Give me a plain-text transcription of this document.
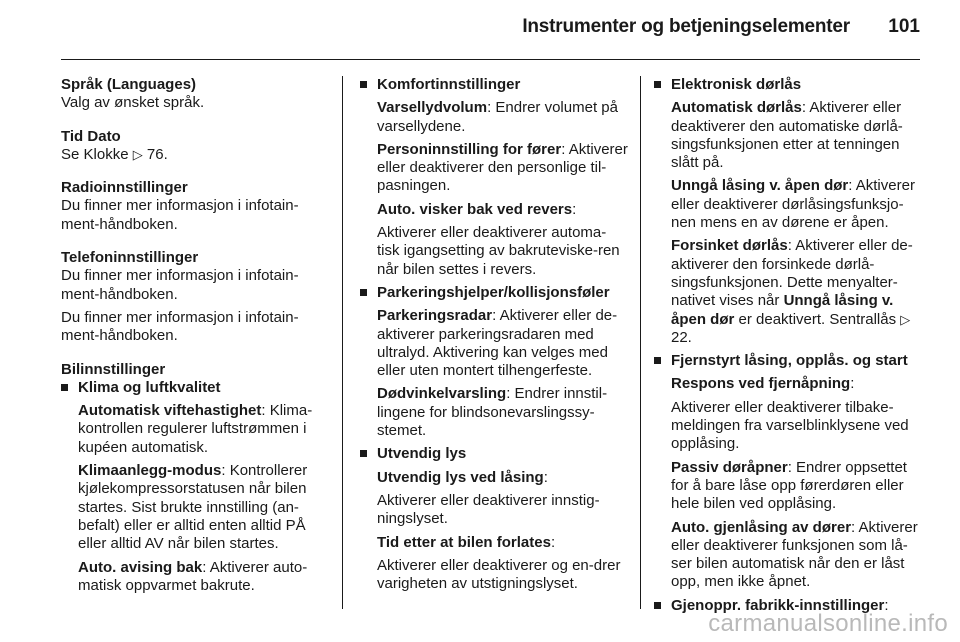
Instrumenter og betjeningselementer 101
Språk (Languages)
Valg av ønsket språk.
Tid Dato
Se Klokke ▷ 76.
Radioinnstillinger
Du finner mer informasjon i infotain-ment-håndboken.
Telefoninnstillinger
Du finner mer informasjon i infotain-ment-håndboken.
Du finner mer informasjon i infotain-ment-håndboken.
Bilinnstillinger
Klima og luftkvalitet
Automatisk viftehastighet: Klima-kontrollen regulerer luftstrømmen i kupéen automatisk.
Klimaanlegg-modus: Kontrollerer kjølekompressorstatusen når bilen startes. Sist brukte innstilling (an-befalt) eller er alltid enten alltid PÅ eller alltid AV når bilen startes.
Auto. avising bak: Aktiverer auto-matisk oppvarmet bakrute.
Komfortinnstillinger
Varsellydvolum: Endrer volumet på varsellydene.
Personinnstilling for fører: Aktiverer eller deaktiverer den personlige til-pasningen.
Auto. visker bak ved revers:
Aktiverer eller deaktiverer automa-tisk igangsetting av bakruteviske-ren når bilen settes i revers.
Parkeringshjelper/kollisjonsføler
Parkeringsradar: Aktiverer eller de-aktiverer parkeringsradaren med ultralyd. Aktivering kan velges med eller uten montert tilhengerfeste.
Dødvinkelvarsling: Endrer innstil-lingene for blindsonevarslingssy-stemet.
Utvendig lys
Utvendig lys ved låsing:
Aktiverer eller deaktiverer innstig-ningslyset.
Tid etter at bilen forlates:
Aktiverer eller deaktiverer og en-drer varigheten av utstigningslyset.
Elektronisk dørlås
Automatisk dørlås: Aktiverer eller deaktiverer den automatiske dørlå-singsfunksjonen etter at tenningen slått på.
Unngå låsing v. åpen dør: Aktiverer eller deaktiverer dørlåsingsfunksjo-nen mens en av dørene er åpen.
Forsinket dørlås: Aktiverer eller de-aktiverer den forsinkede dørlå-singsfunksjonen. Dette menyalter-nativet vises når Unngå låsing v. åpen dør er deaktivert. Sentrallås ▷ 22.
Fjernstyrt låsing, opplås. og start
Respons ved fjernåpning:
Aktiverer eller deaktiverer tilbake-meldingen fra varselblinklysene ved opplåsing.
Passiv døråpner: Endrer oppsettet for å bare låse opp førerdøren eller hele bilen ved opplåsing.
Auto. gjenlåsing av dører: Aktiverer eller deaktiverer funksjonen som lå-ser bilen automatisk når den er låst opp, men ikke åpnet.
Gjenoppr. fabrikk-innstillinger:
carmanualsonline.info
